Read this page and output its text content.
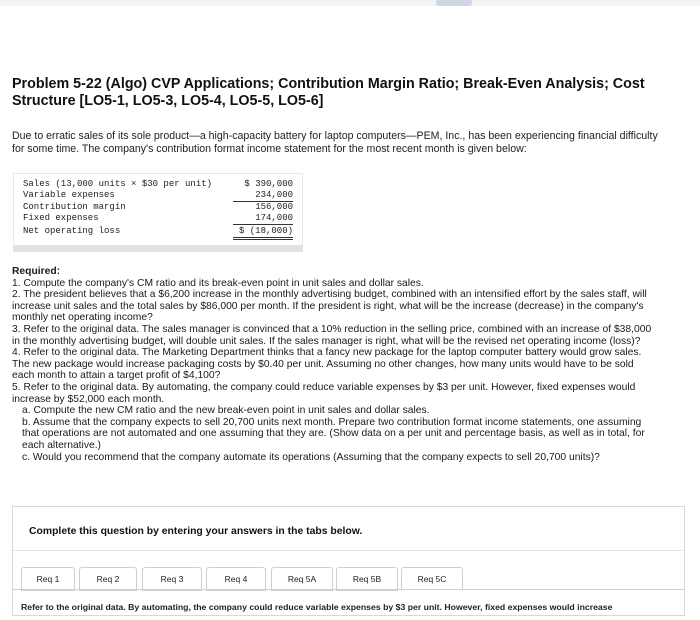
Problem 5-22 (Algo) CVP Applications; Contribution Margin Ratio; Break-Even Analysis; Cost Structure [LO5-1, LO5-3, LO5-4, LO5-5, LO5-6]
Due to erratic sales of its sole product—a high-capacity battery for laptop computers—PEM, Inc., has been experiencing financial difficulty for some time. The company's contribution format income statement for the most recent month is given below:
Sales (13,000 units × $30 per unit)	$ 390,000
Variable expenses	234,000
Contribution margin	156,000
Fixed expenses	174,000
Net operating loss	$ (18,000)

Required:

1. Compute the company's CM ratio and its break-even point in unit sales and dollar sales.

2. The president believes that a $6,200 increase in the monthly advertising budget, combined with an intensified effort by the sales staff, will increase unit sales and the total sales by $86,000 per month. If the president is right, what will be the increase (decrease) in the company's monthly net operating income?

3. Refer to the original data. The sales manager is convinced that a 10% reduction in the selling price, combined with an increase of $38,000 in the monthly advertising budget, will double unit sales. If the sales manager is right, what will be the revised net operating income (loss)?

4. Refer to the original data. The Marketing Department thinks that a fancy new package for the laptop computer battery would grow sales. The new package would increase packaging costs by $0.40 per unit. Assuming no other changes, how many units would have to be sold each month to attain a target profit of $4,100?

5. Refer to the original data. By automating, the company could reduce variable expenses by $3 per unit. However, fixed expenses would increase by $52,000 each month.

a. Compute the new CM ratio and the new break-even point in unit sales and dollar sales.

b. Assume that the company expects to sell 20,700 units next month. Prepare two contribution format income statements, one assuming that operations are not automated and one assuming that they are. (Show data on a per unit and percentage basis, as well as in total, for each alternative.)

c. Would you recommend that the company automate its operations (Assuming that the company expects to sell 20,700 units)?

Complete this question by entering your answers in the tabs below.
Req 1	Req 2	Req 3	Req 4	Req 5A	Req 5B	Req 5C
Refer to the original data. By automating, the company could reduce variable expenses by $3 per unit. However, fixed expenses would increase
